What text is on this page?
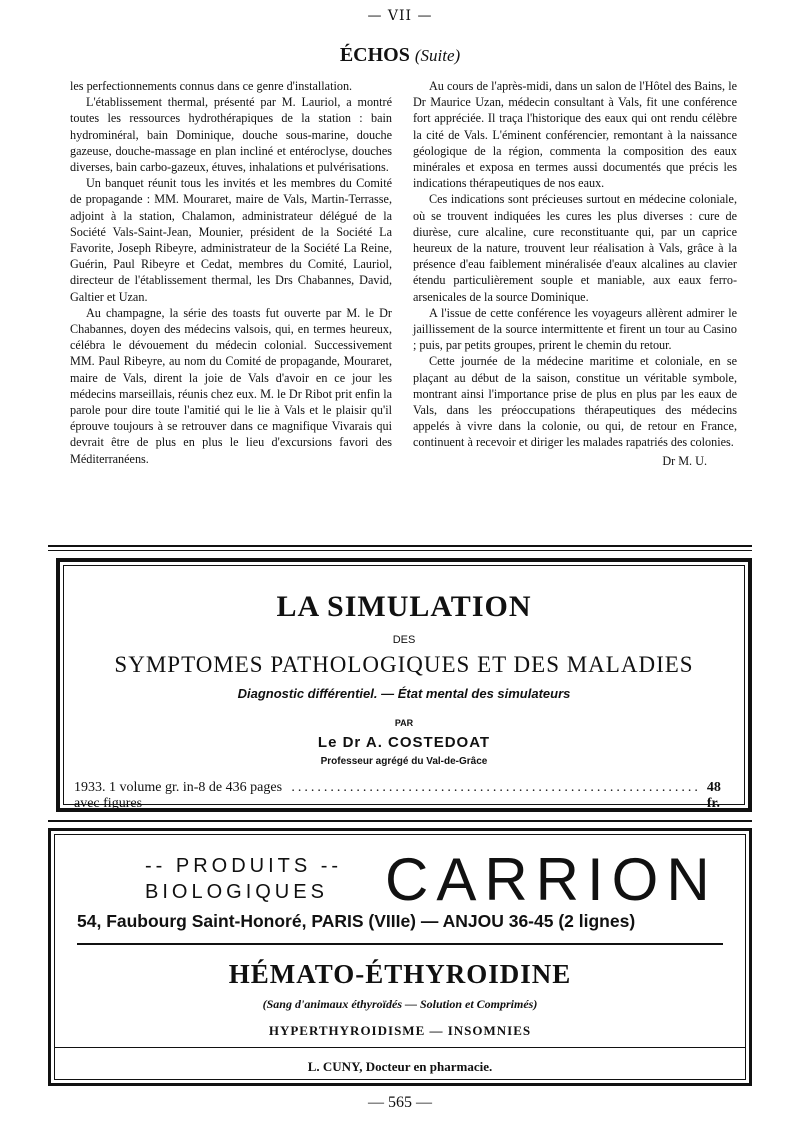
— VII —
ÉCHOS (Suite)

les perfectionnements connus dans ce genre d'installation.

L'établissement thermal, présenté par M. Lauriol, a montré toutes les ressources hydrothérapiques de la station : bain hydrominéral, bain Dominique, douche sous-marine, douche gazeuse, douche-massage en plan incliné et entéroclyse, douches diverses, bain carbo-gazeux, étuves, inhalations et pulvérisations.

Un banquet réunit tous les invités et les membres du Comité de propagande : MM. Mouraret, maire de Vals, Martin-Terrasse, adjoint à la station, Chalamon, administrateur délégué de la Société Vals-Saint-Jean, Mounier, président de la Société La Favorite, Joseph Ribeyre, administrateur de la Société La Reine, Guérin, Paul Ribeyre et Cedat, membres du Comité, Lauriol, directeur de l'établissement thermal, les Drs Chabannes, David, Galtier et Uzan.

Au champagne, la série des toasts fut ouverte par M. le Dr Chabannes, doyen des médecins valsois, qui, en termes heureux, célébra le dévouement du médecin colonial. Successivement MM. Paul Ribeyre, au nom du Comité de propagande, Mouraret, maire de Vals, dirent la joie de Vals d'avoir en ce jour les médecins marseillais, réunis chez eux. M. le Dr Ribot prit enfin la parole pour dire toute l'amitié qui le lie à Vals et le plaisir qu'il éprouve toujours à se retrouver dans ce magnifique Vivarais qui devrait être de plus en plus le lieu d'excursions favori des Méditerranéens.

Au cours de l'après-midi, dans un salon de l'Hôtel des Bains, le Dr Maurice Uzan, médecin consultant à Vals, fit une conférence fort appréciée. Il traça l'historique des eaux qui ont rendu célèbre la cité de Vals. L'éminent conférencier, remontant à la naissance géologique de la région, commenta la composition des eaux minérales et exposa en termes aussi documentés que précis les indications thérapeutiques de nos eaux.

Ces indications sont précieuses surtout en médecine coloniale, où se trouvent indiquées les cures les plus diverses : cure de diurèse, cure alcaline, cure reconstituante qui, par un caprice heureux de la nature, trouvent leur réalisation à Vals, grâce à la présence d'eau faiblement minéralisée d'eaux alcalines au clavier étendu particulièrement souple et maniable, aux eaux ferro-arsenicales de la source Dominique.

A l'issue de cette conférence les voyageurs allèrent admirer le jaillissement de la source intermittente et firent un tour au Casino ; puis, par petits groupes, prirent le chemin du retour.

Cette journée de la médecine maritime et coloniale, en se plaçant au début de la saison, constitue un véritable symbole, montrant ainsi l'importance prise de plus en plus par les eaux de Vals, dans les préoccupations thérapeutiques des médecins appelés à vivre dans la colonie, ou qui, de retour en France, continuent à recevoir et diriger les malades rapatriés des colonies.

Dr M. U.
LA SIMULATION
DES
SYMPTOMES PATHOLOGIQUES ET DES MALADIES
Diagnostic différentiel. — État mental des simulateurs
PAR
Le Dr A. COSTEDOAT
Professeur agrégé du Val-de-Grâce
1933. 1 volume gr. in-8 de 436 pages avec figures
............................................................... 48 fr.
-- PRODUITS --
BIOLOGIQUES CARRION
54, Faubourg Saint-Honoré, PARIS (VIIIe) — ANJOU 36-45 (2 lignes)
HÉMATO-ÉTHYROIDINE
(Sang d'animaux éthyroïdés — Solution et Comprimés)
HYPERTHYROIDISME — INSOMNIES
L. CUNY, Docteur en pharmacie.
— 565 —
